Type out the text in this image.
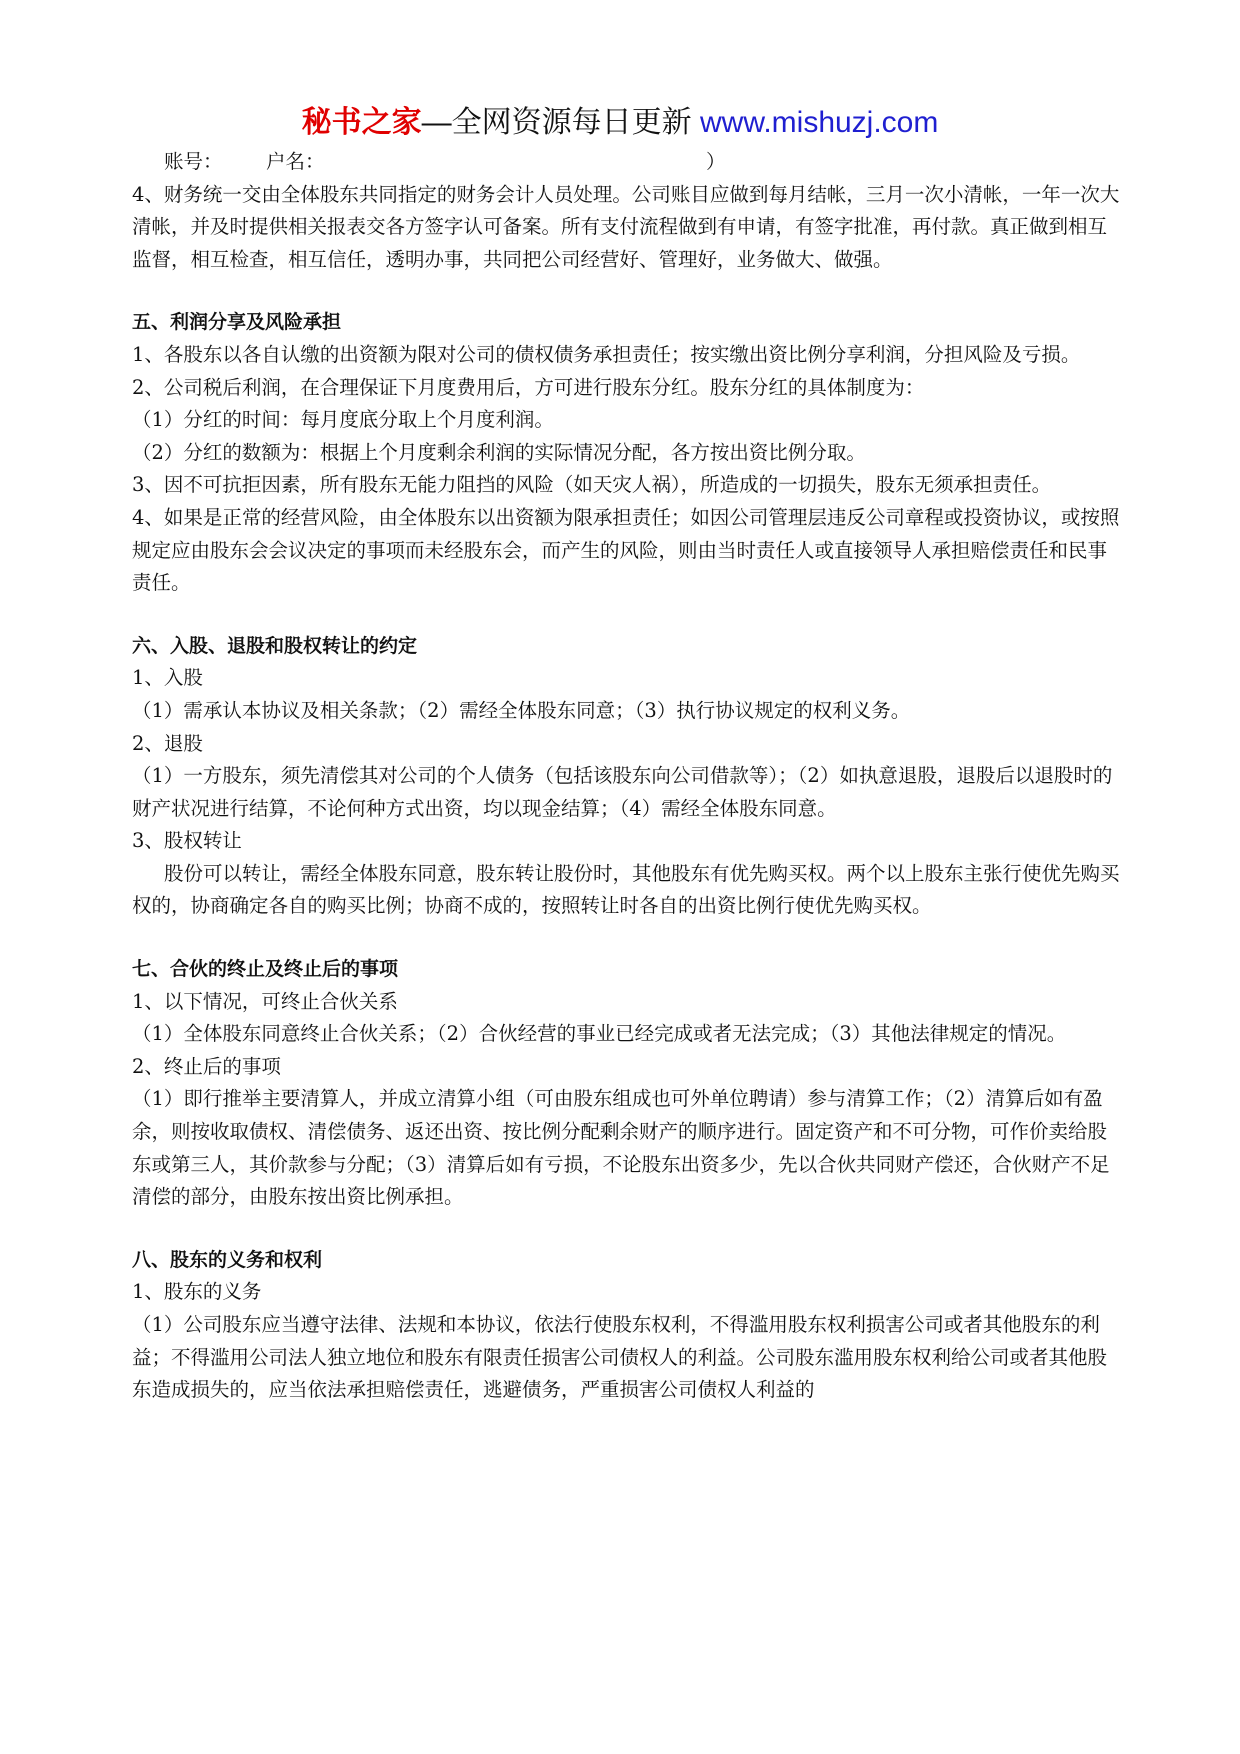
秘书之家—全网资源每日更新 www.mishuzj.com

账号： 户名：	）

4、财务统一交由全体股东共同指定的财务会计人员处理。公司账目应做到每月结帐，三月一次小清帐，一年一次大清帐，并及时提供相关报表交各方签字认可备案。所有支付流程做到有申请，有签字批准，再付款。真正做到相互监督，相互检查，相互信任，透明办事，共同把公司经营好、管理好，业务做大、做强。

五、利润分享及风险承担

1、各股东以各自认缴的出资额为限对公司的债权债务承担责任；按实缴出资比例分享利润，分担风险及亏损。

2、公司税后利润，在合理保证下月度费用后，方可进行股东分红。股东分红的具体制度为：

（1）分红的时间：每月度底分取上个月度利润。

（2）分红的数额为：根据上个月度剩余利润的实际情况分配，各方按出资比例分取。

3、因不可抗拒因素，所有股东无能力阻挡的风险（如天灾人祸），所造成的一切损失，股东无须承担责任。

4、如果是正常的经营风险，由全体股东以出资额为限承担责任；如因公司管理层违反公司章程或投资协议，或按照规定应由股东会会议决定的事项而未经股东会，而产生的风险，则由当时责任人或直接领导人承担赔偿责任和民事责任。

六、入股、退股和股权转让的约定

1、入股

（1）需承认本协议及相关条款；（2）需经全体股东同意；（3）执行协议规定的权利义务。

2、退股

（1）一方股东，须先清偿其对公司的个人债务（包括该股东向公司借款等）；（2）如执意退股，退股后以退股时的财产状况进行结算，不论何种方式出资，均以现金结算；（4）需经全体股东同意。

3、股权转让

股份可以转让，需经全体股东同意，股东转让股份时，其他股东有优先购买权。两个以上股东主张行使优先购买权的，协商确定各自的购买比例；协商不成的，按照转让时各自的出资比例行使优先购买权。

七、合伙的终止及终止后的事项

1、以下情况，可终止合伙关系

（1）全体股东同意终止合伙关系；（2）合伙经营的事业已经完成或者无法完成；（3）其他法律规定的情况。

2、终止后的事项

（1）即行推举主要清算人，并成立清算小组（可由股东组成也可外单位聘请）参与清算工作；（2）清算后如有盈余，则按收取债权、清偿债务、返还出资、按比例分配剩余财产的顺序进行。固定资产和不可分物，可作价卖给股东或第三人，其价款参与分配；（3）清算后如有亏损，不论股东出资多少，先以合伙共同财产偿还，合伙财产不足清偿的部分，由股东按出资比例承担。

八、股东的义务和权利

1、股东的义务

（1）公司股东应当遵守法律、法规和本协议，依法行使股东权利，不得滥用股东权利损害公司或者其他股东的利益；不得滥用公司法人独立地位和股东有限责任损害公司债权人的利益。公司股东滥用股东权利给公司或者其他股东造成损失的，应当依法承担赔偿责任，逃避债务，严重损害公司债权人利益的
